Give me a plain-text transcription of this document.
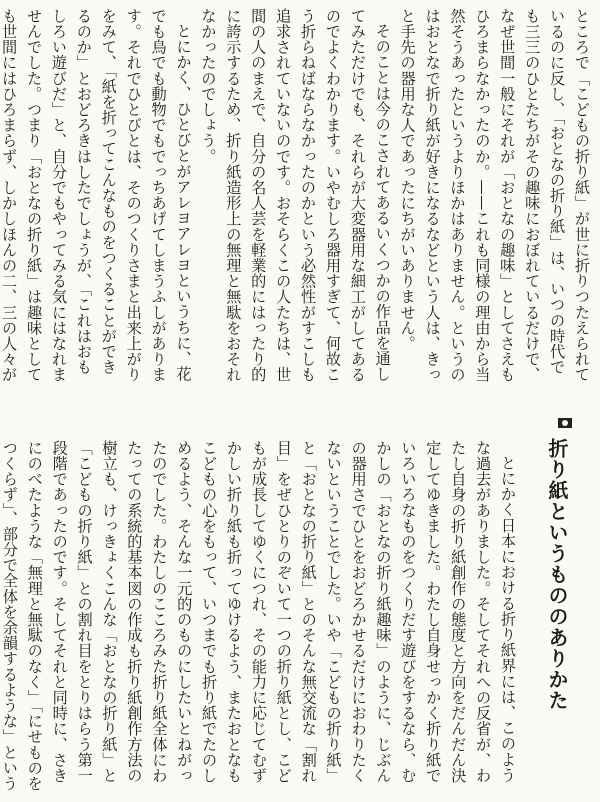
ところで「こどもの折り紙」が世に折りつたえられているのに反し、「おとなの折り紙」は、いつの時代でも三三のひとたちがその趣味におぼれているだけで、なぜ世間一般にそれが「おとなの趣味」としてさえもひろまらなかったのか。——これも同様の理由から当然そうあったというよりほかはありません。というのはおとなで折り紙が好きになるなどという人は、きっと手先の器用な人であったにちがいありません。

そのことは今のこされてあるいくつかの作品を通してみただけでも、それらが大変器用な細工がしてあるのでよくわかります。いやむしろ器用すぎて、何故こう折らねばならなかったのかという必然性がすこしも追求されていないのです。おそらくこの人たちは、世間の人のまえで、自分の名人芸を軽業的にはったり的に誇示するため、折り紙造形上の無理と無駄をおそれなかったのでしょう。

とにかく、ひとびとがアレヨアレヨというちに、花でも鳥でも動物でもでっちあげてしまうふしがあります。それでひとびとは、そのつくりさまと出来上がりをみて、「紙を折ってこんなものをつくることができるのか」とおどろきはしたでしょうが、「これはおもしろい遊びだ」と、自分でもやってみる気にはなれませんでした。つまり「おとなの折り紙」は趣味としても世間にはひろまらず、しかしほんの二、三の人々が

折り紙というもののありかた

とにかく日本における折り紙界には、このような過去がありました。そしてそれへの反省が、わたし自身の折り紙創作の態度と方向をだんだん決定してゆきました。わたし自身せっかく折り紙でいろいろなものをつくりだす遊びをするなら、むかしの「おとなの折り紙趣味」のように、じぶんの器用さでひとをおどろかせるだけにおわりたくないということでした。いや「こどもの折り紙」と「おとなの折り紙」とのそんな無交流な「割れ目」をぜひとりのぞいて一つの折り紙とし、こどもが成長してゆくにつれ、その能力に応じてむずかしい折り紙も折ってゆけるよう、またおとなもこどもの心をもって、いつまでも折り紙でたのしめるよう、そんな一元的のものにしたいとねがったのでした。わたしのこころみた折り紙全体にわたっての系統的基本図の作成も折り紙創作方法の樹立も、けっきょくこんな「おとなの折り紙」と「こどもの折り紙」との割れ目をとりはらう第一段階であったのです。そしてそれと同時に、さきにのべたような「無理と無駄のなく」「にせものをつくらず」、部分で全体を余韻するような」という
